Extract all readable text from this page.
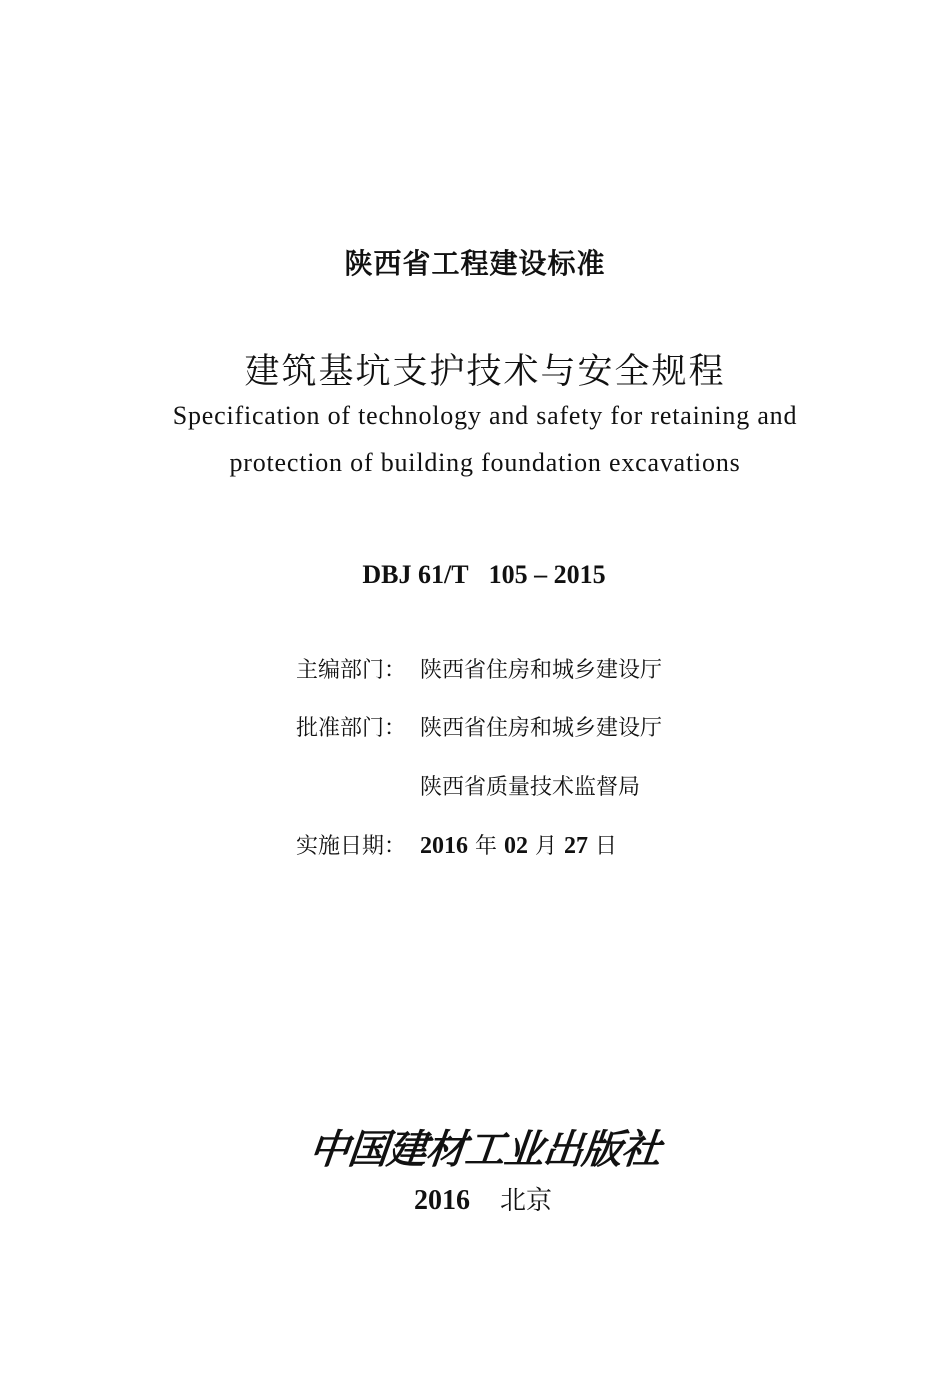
陕西省工程建设标准
建筑基坑支护技术与安全规程
Specification of technology and safety for retaining and
protection of building foundation excavations
DBJ 61/T 105 – 2015
主编部门： 陕西省住房和城乡建设厅
批准部门： 陕西省住房和城乡建设厅
陕西省质量技术监督局
实施日期： 2016 年 02 月 27 日
中国建材工业出版社
2016 北京
